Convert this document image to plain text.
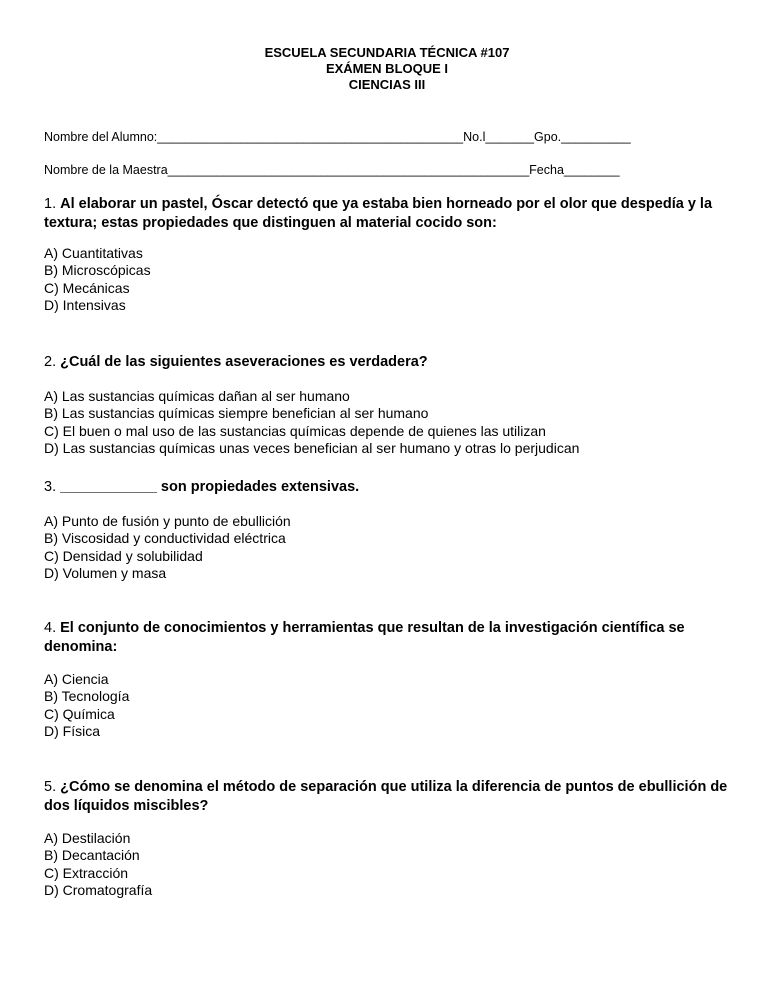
ESCUELA SECUNDARIA TÉCNICA #107
EXÁMEN BLOQUE I
CIENCIAS III
Nombre del Alumno:____________________________________________No.l_______Gpo.__________
Nombre de la Maestra____________________________________________________Fecha________
1. Al elaborar un pastel, Óscar detectó que ya estaba bien horneado por el olor que despedía y la textura; estas propiedades que distinguen al material cocido son:
A) Cuantitativas
B) Microscópicas
C) Mecánicas
D) Intensivas
2. ¿Cuál de las siguientes aseveraciones es verdadera?
A) Las sustancias químicas dañan al ser humano
B) Las sustancias químicas siempre benefician al ser humano
C) El buen o mal uso de las sustancias químicas depende de quienes las utilizan
D) Las sustancias químicas unas veces benefician al ser humano y otras lo perjudican
3. ____________ son propiedades extensivas.
A) Punto de fusión y punto de ebullición
B) Viscosidad y conductividad eléctrica
C) Densidad y solubilidad
D) Volumen y masa
4. El conjunto de conocimientos y herramientas que resultan de la investigación científica se denomina:
A) Ciencia
B) Tecnología
C) Química
D) Física
5. ¿Cómo se denomina el método de separación que utiliza la diferencia de puntos de ebullición de dos líquidos miscibles?
A) Destilación
B) Decantación
C) Extracción
D) Cromatografía
